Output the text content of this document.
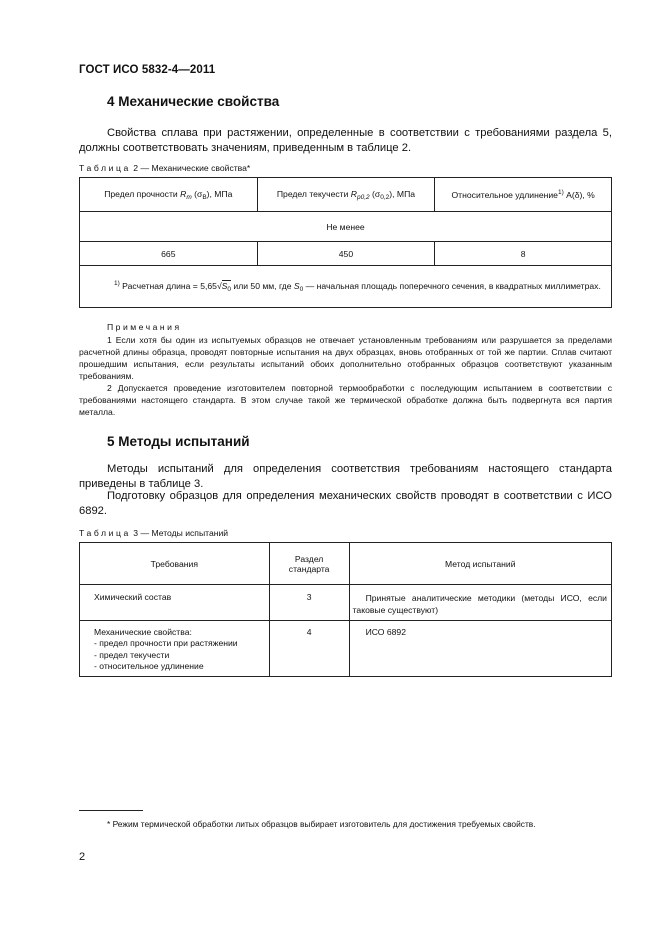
ГОСТ ИСО 5832-4—2011
4 Механические свойства
Свойства сплава при растяжении, определенные в соответствии с требованиями раздела 5, должны соответствовать значениям, приведенным в таблице 2.
Таблица 2 — Механические свойства*
Предел прочности $R_m$ $(\sigma_B)$, МПа	Предел текучести $R_{p0,2}$ $(\sigma_{0,2})$, МПа	Относительное удлинение$^{1)}$ A(δ), %
Не менее		
665	450	8
$^{1)}$ Расчетная длина = $5,65√S_0$ или 50 мм, где $S_0$ — начальная площадь поперечного сечения, в квадратных миллиметрах.		
Примечания
1 Если хотя бы один из испытуемых образцов не отвечает установленным требованиям или разрушается за пределами расчетной длины образца, проводят повторные испытания на двух образцах, вновь отобранных от той же партии. Сплав считают прошедшим испытания, если результаты испытаний обоих дополнительно отобранных образцов соответствуют указанным требованиям.
2 Допускается проведение изготовителем повторной термообработки с последующим испытанием в соответствии с требованиями настоящего стандарта. В этом случае такой же термической обработке должна быть подвергнута вся партия металла.
5 Методы испытаний
Методы испытаний для определения соответствия требованиям настоящего стандарта приведены в таблице 3.
Подготовку образцов для определения механических свойств проводят в соответствии с ИСО 6892.
Таблица 3 — Методы испытаний
Требования	Раздел стандарта	Метод испытаний
Химический состав	3	Принятые аналитические методики (методы ИСО, если таковые существуют)

Механические свойства:
- предел прочности при растяжении
- предел текучести
- относительное удлинение	4	ИСО 6892
* Режим термической обработки литых образцов выбирает изготовитель для достижения требуемых свойств.
2
